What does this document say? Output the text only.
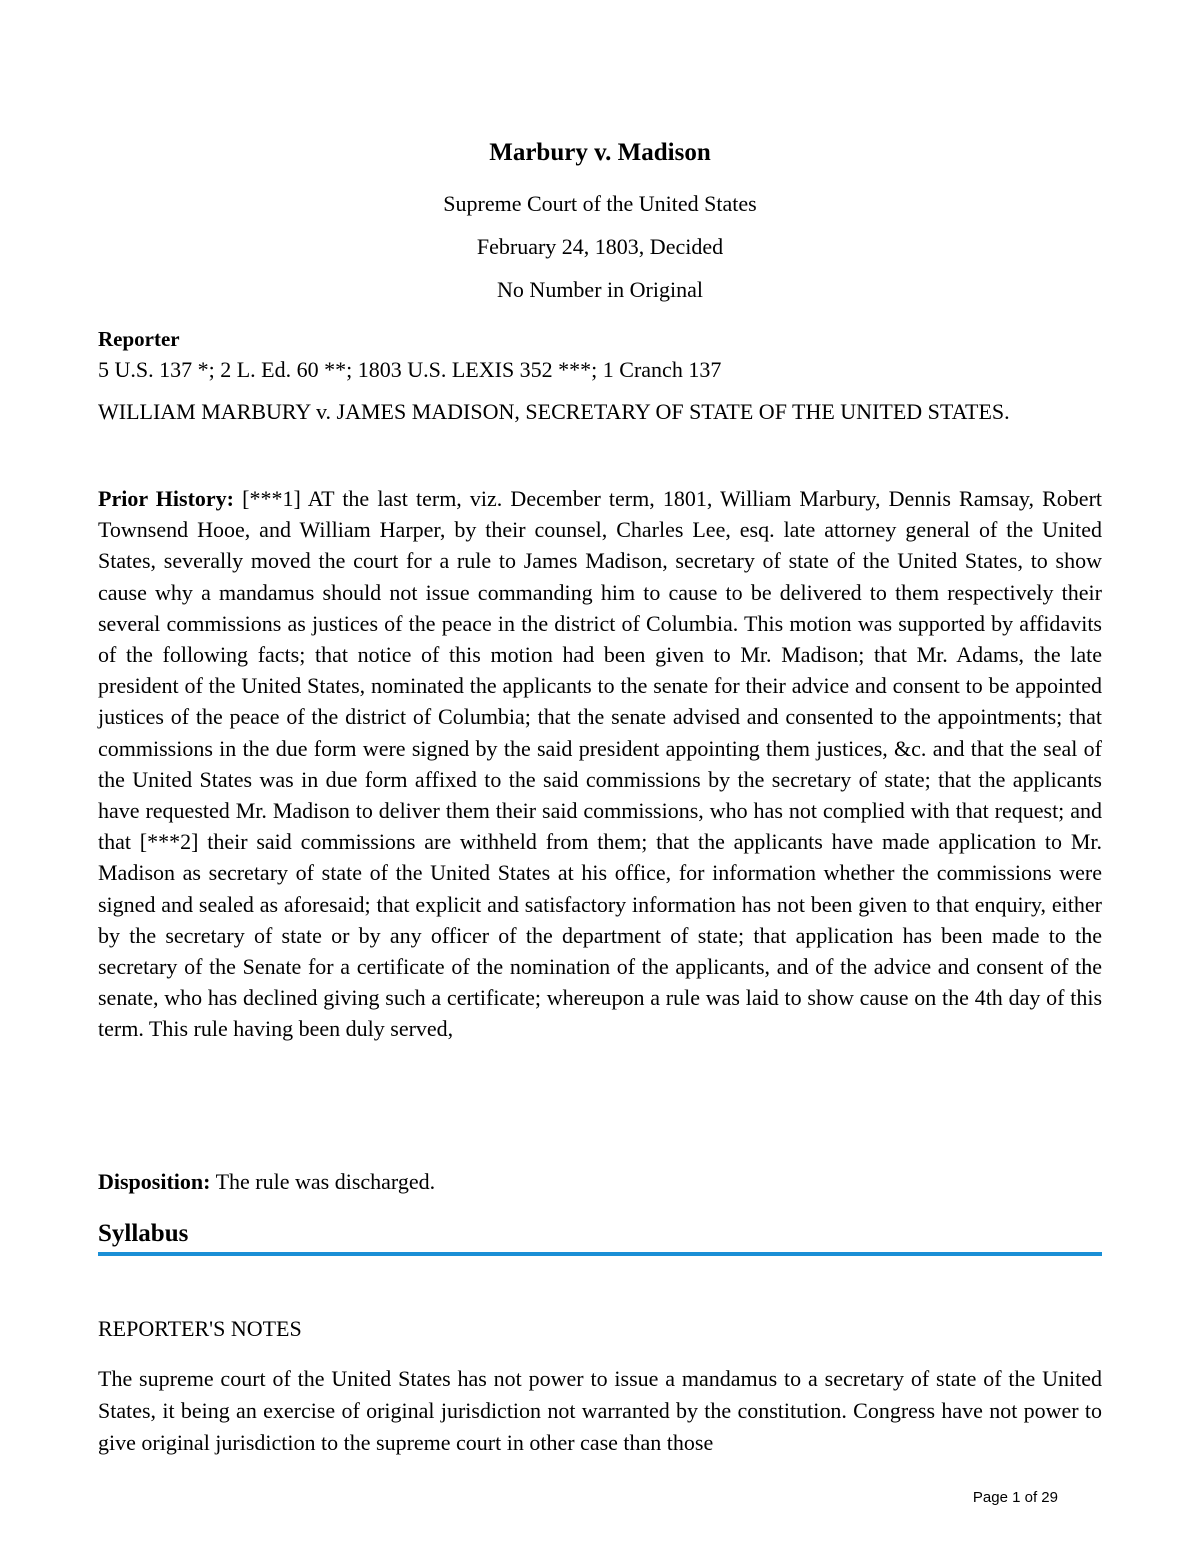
Marbury v. Madison
Supreme Court of the United States
February 24, 1803, Decided
No Number in Original
Reporter
5 U.S. 137 *; 2 L. Ed. 60 **; 1803 U.S. LEXIS 352 ***; 1 Cranch 137
WILLIAM MARBURY v. JAMES MADISON, SECRETARY OF STATE OF THE UNITED STATES.
Prior History: [***1] AT the last term, viz. December term, 1801, William Marbury, Dennis Ramsay, Robert Townsend Hooe, and William Harper, by their counsel, Charles Lee, esq. late attorney general of the United States, severally moved the court for a rule to James Madison, secretary of state of the United States, to show cause why a mandamus should not issue commanding him to cause to be delivered to them respectively their several commissions as justices of the peace in the district of Columbia. This motion was supported by affidavits of the following facts; that notice of this motion had been given to Mr. Madison; that Mr. Adams, the late president of the United States, nominated the applicants to the senate for their advice and consent to be appointed justices of the peace of the district of Columbia; that the senate advised and consented to the appointments; that commissions in the due form were signed by the said president appointing them justices, &c. and that the seal of the United States was in due form affixed to the said commissions by the secretary of state; that the applicants have requested Mr. Madison to deliver them their said commissions, who has not complied with that request; and that [***2] their said commissions are withheld from them; that the applicants have made application to Mr. Madison as secretary of state of the United States at his office, for information whether the commissions were signed and sealed as aforesaid; that explicit and satisfactory information has not been given to that enquiry, either by the secretary of state or by any officer of the department of state; that application has been made to the secretary of the Senate for a certificate of the nomination of the applicants, and of the advice and consent of the senate, who has declined giving such a certificate; whereupon a rule was laid to show cause on the 4th day of this term. This rule having been duly served,
Disposition: The rule was discharged.
Syllabus
REPORTER'S NOTES
The supreme court of the United States has not power to issue a mandamus to a secretary of state of the United States, it being an exercise of original jurisdiction not warranted by the constitution. Congress have not power to give original jurisdiction to the supreme court in other case than those
Page 1 of 29
